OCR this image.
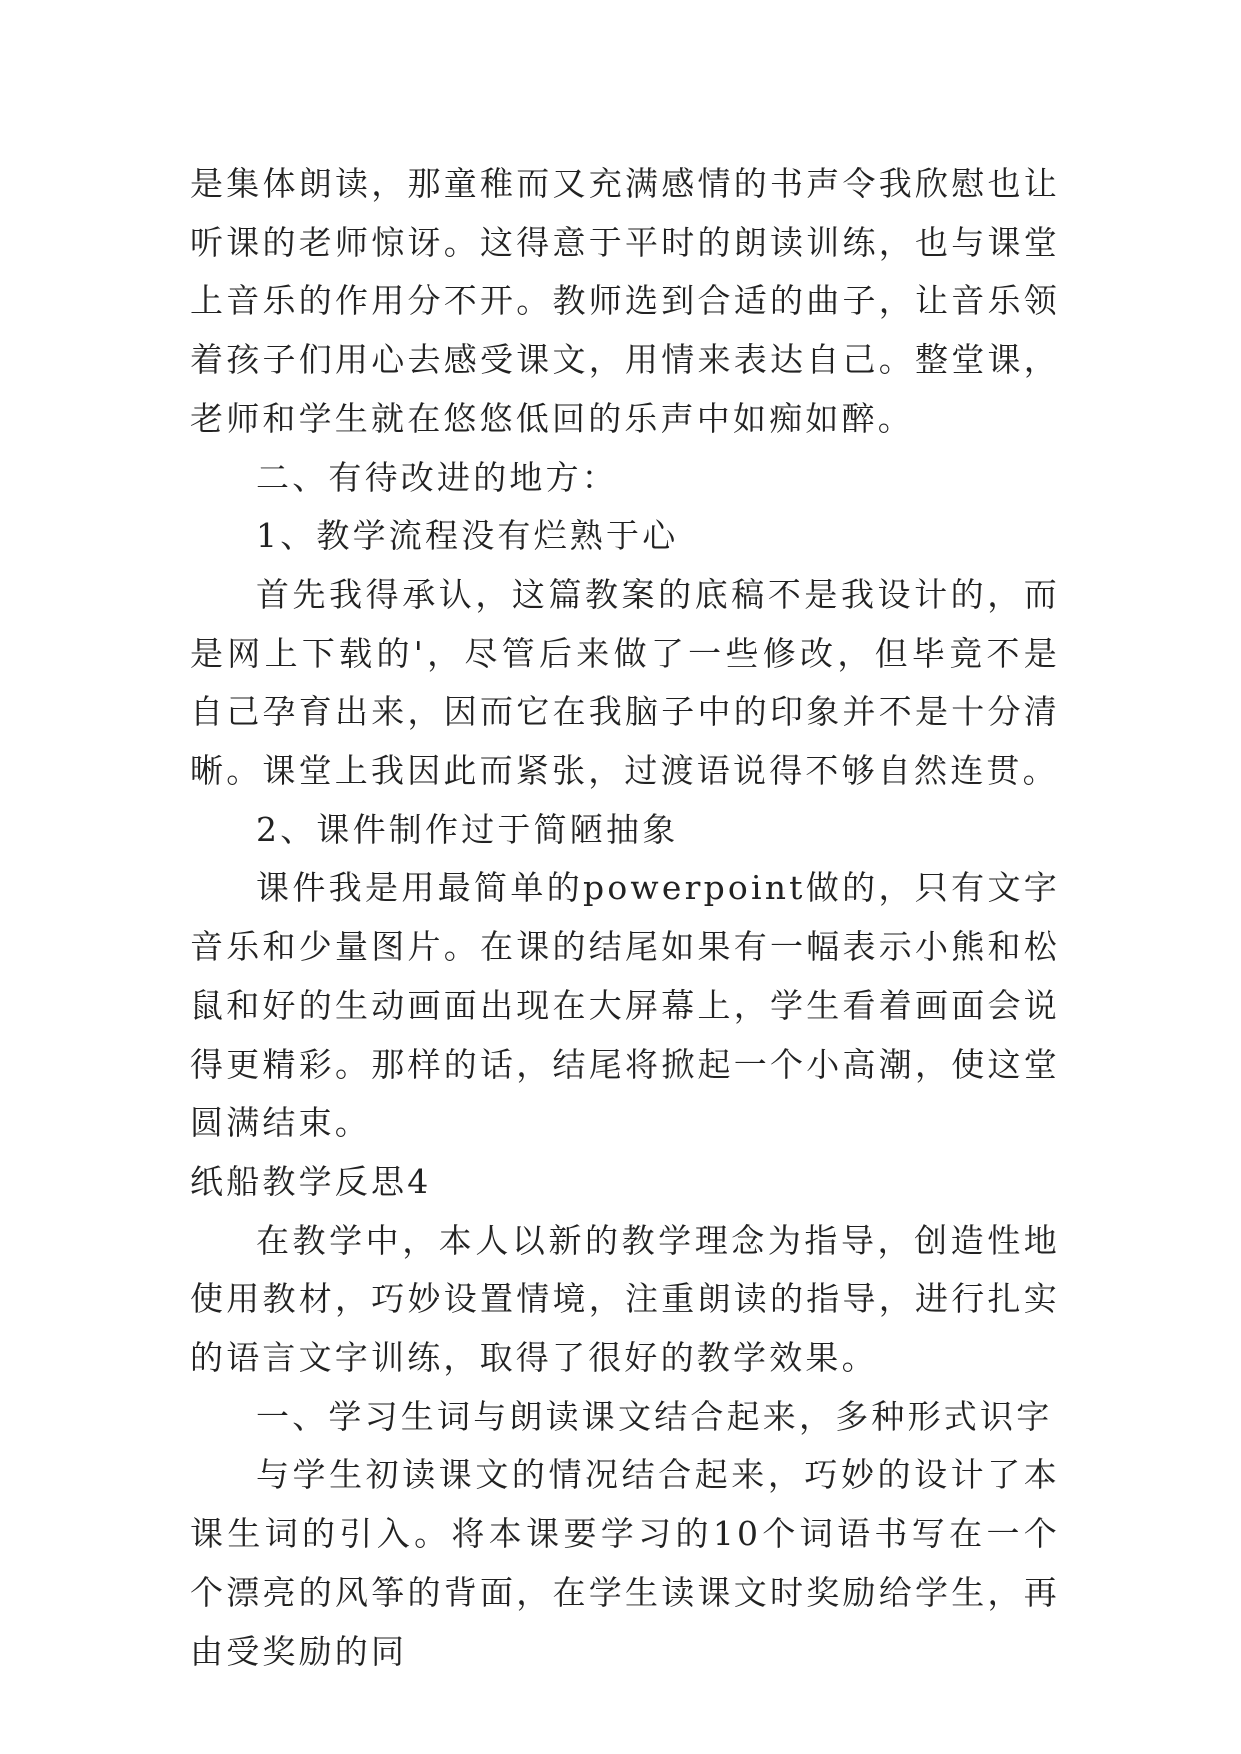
是集体朗读，那童稚而又充满感情的书声令我欣慰也让听课的老师惊讶。这得意于平时的朗读训练，也与课堂上音乐的作用分不开。教师选到合适的曲子，让音乐领着孩子们用心去感受课文，用情来表达自己。整堂课，老师和学生就在悠悠低回的乐声中如痴如醉。

二、有待改进的地方：

1、教学流程没有烂熟于心

首先我得承认，这篇教案的底稿不是我设计的，而是网上下载的'，尽管后来做了一些修改，但毕竟不是自己孕育出来，因而它在我脑子中的印象并不是十分清晰。课堂上我因此而紧张，过渡语说得不够自然连贯。

2、课件制作过于简陋抽象

课件我是用最简单的powerpoint做的，只有文字音乐和少量图片。在课的结尾如果有一幅表示小熊和松鼠和好的生动画面出现在大屏幕上，学生看着画面会说得更精彩。那样的话，结尾将掀起一个小高潮，使这堂圆满结束。

纸船教学反思4

在教学中，本人以新的教学理念为指导，创造性地使用教材，巧妙设置情境，注重朗读的指导，进行扎实的语言文字训练，取得了很好的教学效果。

一、学习生词与朗读课文结合起来，多种形式识字

与学生初读课文的情况结合起来，巧妙的设计了本课生词的引入。将本课要学习的10个词语书写在一个个漂亮的风筝的背面，在学生读课文时奖励给学生，再由受奖励的同
